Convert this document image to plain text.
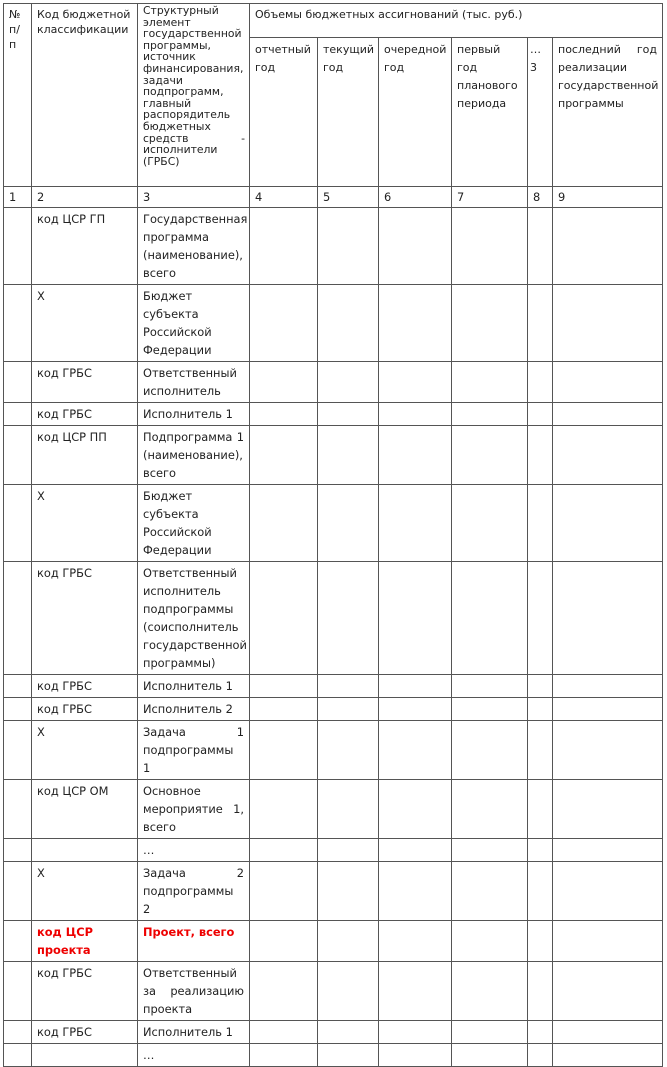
№ п/п	Код бюджетной классификации	Структурный элемент государственной программы, источник финансирования, задачи подпрограмм, главный распорядитель бюджетных средств - исполнители (ГРБС)	Объемы бюджетных ассигнований (тыс. руб.)					
			отчетный год	текущий год	очередной год	первый год планового периода	… 3	последний год реализации государственной программы
1	2	3	4	5	6	7	8	9
	код ЦСР ГП	Государственная программа (наименование), всего						
	Х	Бюджет субъекта Российской Федерации						
	код ГРБС	Ответственный исполнитель						
	код ГРБС	Исполнитель 1						
	код ЦСР ПП	Подпрограмма 1 (наименование), всего						
	Х	Бюджет субъекта Российской Федерации						
	код ГРБС	Ответственный исполнитель подпрограммы (соисполнитель государственной программы)						
	код ГРБС	Исполнитель 1						
	код ГРБС	Исполнитель 2						
	Х	Задача 1 подпрограммы 1						
	код ЦСР ОМ	Основное мероприятие 1, всего						
		…						
	Х	Задача 2 подпрограммы 2						
	код ЦСР проекта	Проект, всего						
	код ГРБС	Ответственный за реализацию проекта						
	код ГРБС	Исполнитель 1						
		…						
